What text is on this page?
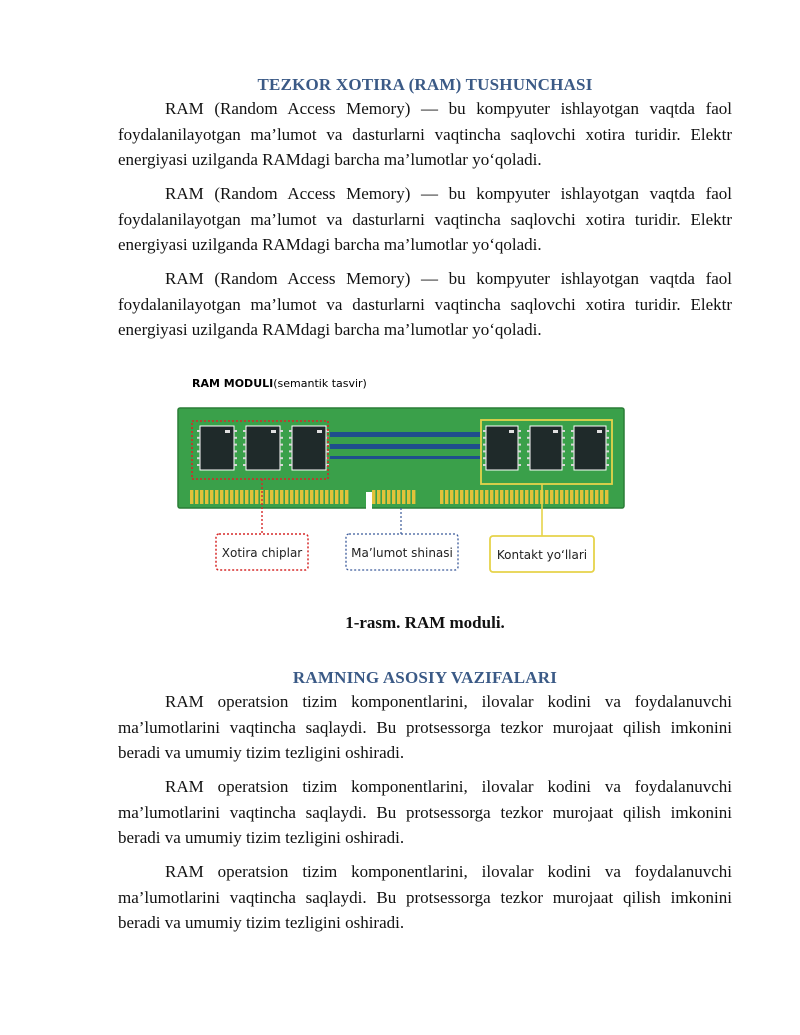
TEZKOR XOTIRA (RAM) TUSHUNCHASI

RAM (Random Access Memory) — bu kompyuter ishlayotgan vaqtda faol foydalanilayotgan ma’lumot va dasturlarni vaqtincha saqlovchi xotira turidir. Elektr energiyasi uzilganda RAMdagi barcha ma’lumotlar yo‘qoladi.

RAM (Random Access Memory) — bu kompyuter ishlayotgan vaqtda faol foydalanilayotgan ma’lumot va dasturlarni vaqtincha saqlovchi xotira turidir. Elektr energiyasi uzilganda RAMdagi barcha ma’lumotlar yo‘qoladi.

RAM (Random Access Memory) — bu kompyuter ishlayotgan vaqtda faol foydalanilayotgan ma’lumot va dasturlarni vaqtincha saqlovchi xotira turidir. Elektr energiyasi uzilganda RAMdagi barcha ma’lumotlar yo‘qoladi.

RAM MODULI(semantik tasvir)
Xotira chiplar	Ma’lumot shinasi	Kontakt yo‘llari
1-rasm. RAM moduli.
RAMNING ASOSIY VAZIFALARI

RAM operatsion tizim komponentlarini, ilovalar kodini va foydalanuvchi ma’lumotlarini vaqtincha saqlaydi. Bu protsessorga tezkor murojaat qilish imkonini beradi va umumiy tizim tezligini oshiradi.

RAM operatsion tizim komponentlarini, ilovalar kodini va foydalanuvchi ma’lumotlarini vaqtincha saqlaydi. Bu protsessorga tezkor murojaat qilish imkonini beradi va umumiy tizim tezligini oshiradi.

RAM operatsion tizim komponentlarini, ilovalar kodini va foydalanuvchi ma’lumotlarini vaqtincha saqlaydi. Bu protsessorga tezkor murojaat qilish imkonini beradi va umumiy tizim tezligini oshiradi.
